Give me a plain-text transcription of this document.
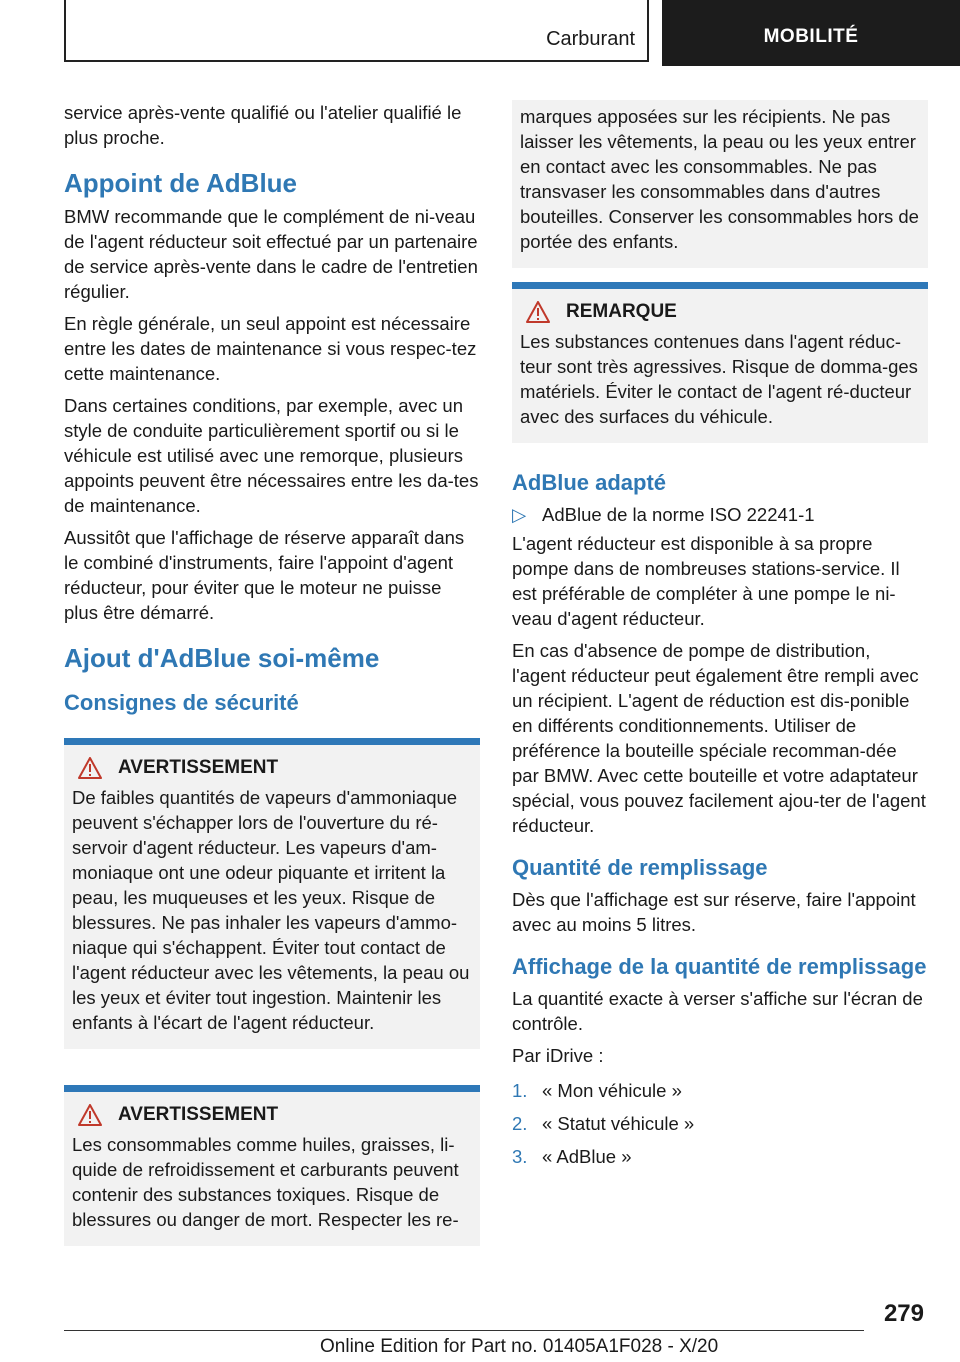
Carburant	MOBILITÉ

service après-vente qualifié ou l'atelier qualifié le plus proche.

Appoint de AdBlue

BMW recommande que le complément de ni-veau de l'agent réducteur soit effectué par un partenaire de service après-vente dans le cadre de l'entretien régulier.

En règle générale, un seul appoint est nécessaire entre les dates de maintenance si vous respec-tez cette maintenance.

Dans certaines conditions, par exemple, avec un style de conduite particulièrement sportif ou si le véhicule est utilisé avec une remorque, plusieurs appoints peuvent être nécessaires entre les da-tes de maintenance.

Aussitôt que l'affichage de réserve apparaît dans le combiné d'instruments, faire l'appoint d'agent réducteur, pour éviter que le moteur ne puisse plus être démarré.

Ajout d'AdBlue soi-même
Consignes de sécurité
AVERTISSEMENT

De faibles quantités de vapeurs d'ammoniaque peuvent s'échapper lors de l'ouverture du ré-servoir d'agent réducteur. Les vapeurs d'am-moniaque ont une odeur piquante et irritent la peau, les muqueuses et les yeux. Risque de blessures. Ne pas inhaler les vapeurs d'ammo-niaque qui s'échappent. Éviter tout contact de l'agent réducteur avec les vêtements, la peau ou les yeux et éviter tout ingestion. Maintenir les enfants à l'écart de l'agent réducteur.

AVERTISSEMENT

Les consommables comme huiles, graisses, li-quide de refroidissement et carburants peuvent contenir des substances toxiques. Risque de blessures ou danger de mort. Respecter les re-

marques apposées sur les récipients. Ne pas laisser les vêtements, la peau ou les yeux entrer en contact avec les consommables. Ne pas transvaser les consommables dans d'autres bouteilles. Conserver les consommables hors de portée des enfants.

REMARQUE

Les substances contenues dans l'agent réduc-teur sont très agressives. Risque de domma-ges matériels. Éviter le contact de l'agent ré-ducteur avec des surfaces du véhicule.

AdBlue adapté
▷ AdBlue de la norme ISO 22241-1

L'agent réducteur est disponible à sa propre pompe dans de nombreuses stations-service. Il est préférable de compléter à une pompe le ni-veau d'agent réducteur.

En cas d'absence de pompe de distribution, l'agent réducteur peut également être rempli avec un récipient. L'agent de réduction est dis-ponible en différents conditionnements. Utiliser de préférence la bouteille spéciale recomman-dée par BMW. Avec cette bouteille et votre adaptateur spécial, vous pouvez facilement ajou-ter de l'agent réducteur.

Quantité de remplissage

Dès que l'affichage est sur réserve, faire l'appoint avec au moins 5 litres.

Affichage de la quantité de remplissage

La quantité exacte à verser s'affiche sur l'écran de contrôle.

Par iDrive :

1. « Mon véhicule »
2. « Statut véhicule »
3. « AdBlue »
279
Online Edition for Part no. 01405A1F028 - X/20
